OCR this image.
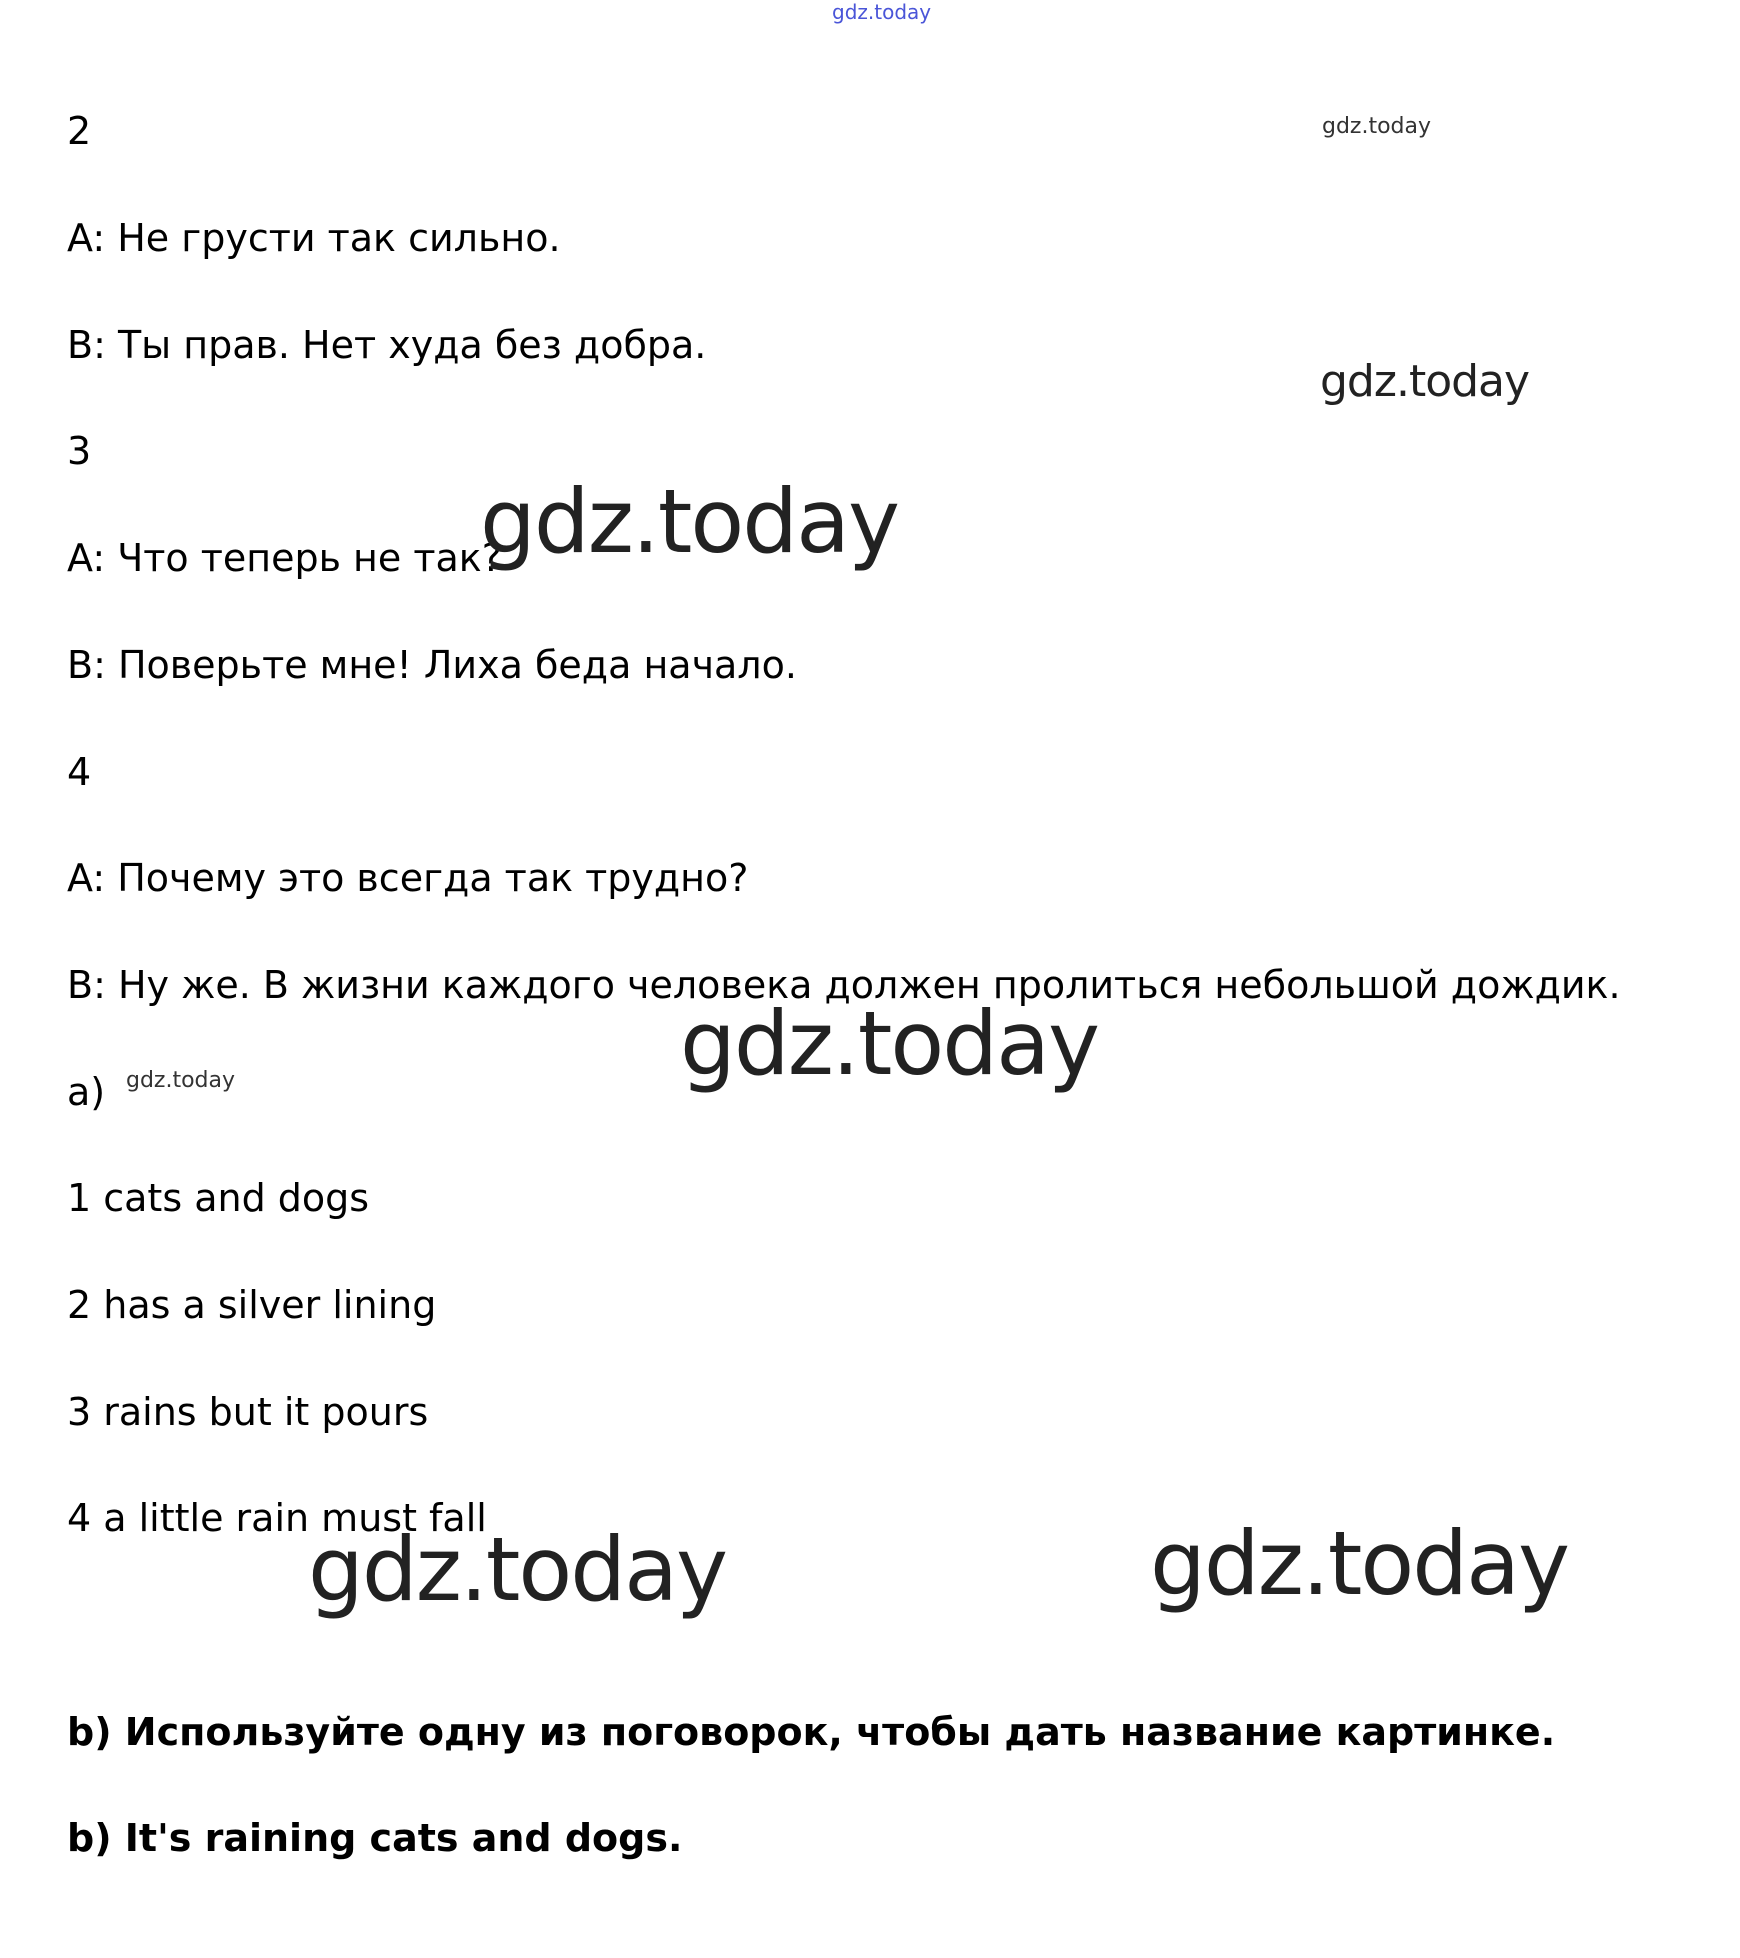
2
A: Не грусти так сильно.
B: Ты прав. Нет худа без добра.
3
A: Что теперь не так?
B: Поверьте мне! Лиха беда начало.
4
A: Почему это всегда так трудно?
B: Ну же. В жизни каждого человека должен пролиться небольшой дождик.
a)
1 cats and dogs
2 has a silver lining
3 rains but it pours
4 a little rain must fall
b) Используйте одну из поговорок, чтобы дать название картинке.
b) It's raining cats and dogs.
gdz.today
gdz.today
gdz.today
gdz.today
gdz.today
gdz.today
gdz.today	gdz.today
